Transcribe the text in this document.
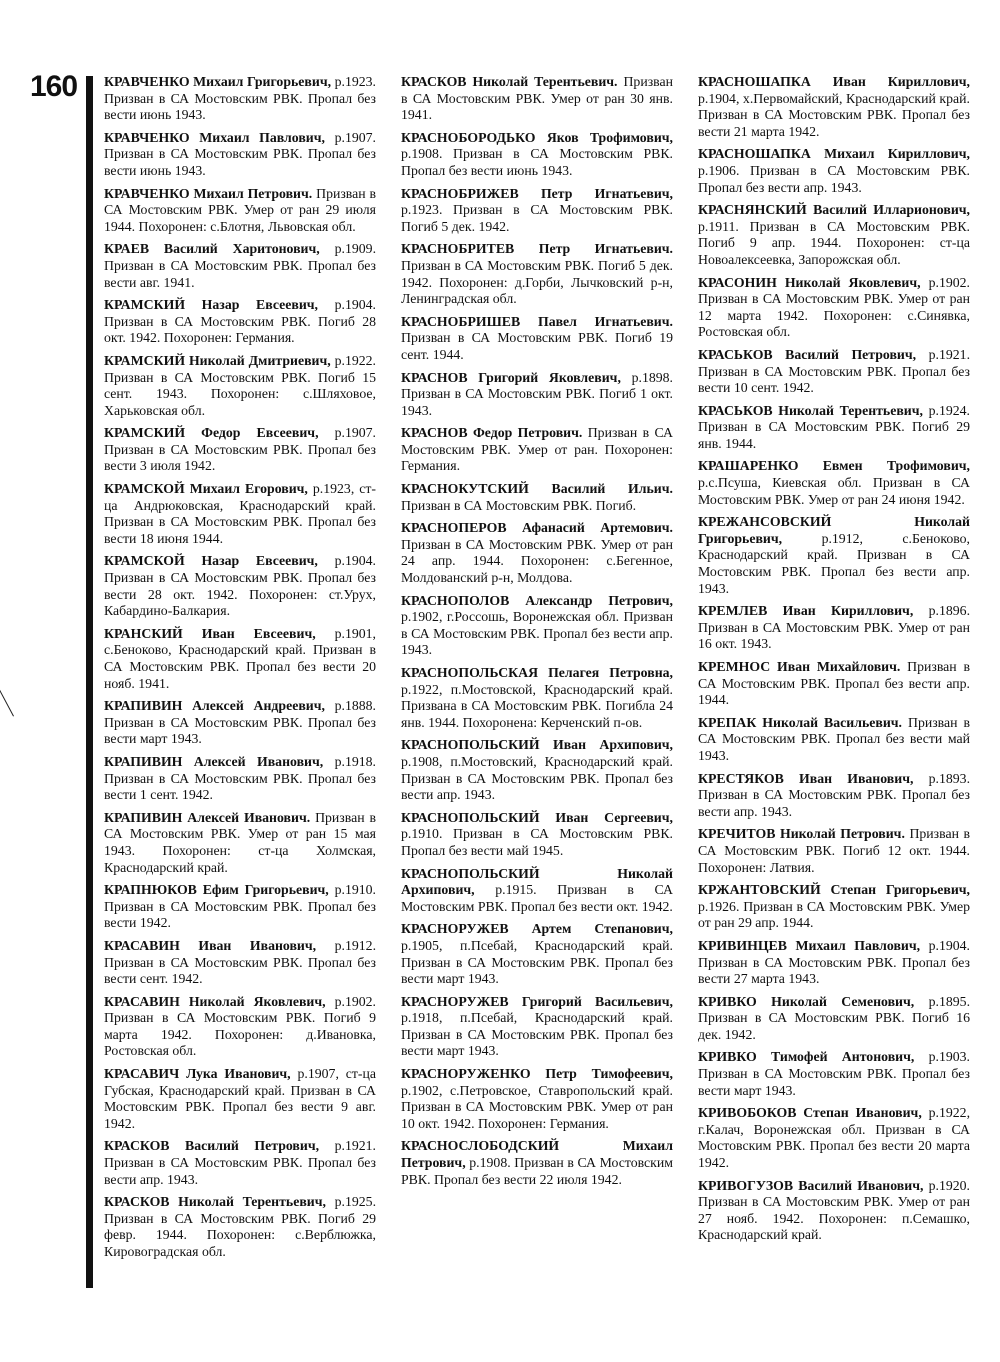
160 КРАВЧЕНКО Михаил Григорьевич, р.1923. Призван в СА Мостовским РВК. Пропал без вести июнь 1943.

КРАВЧЕНКО Михаил Павлович, р.1907. Призван в СА Мостовским РВК. Пропал без вести июнь 1943.

КРАВЧЕНКО Михаил Петрович. Призван в СА Мостовским РВК. Умер от ран 29 июля 1944. Похоронен: с.Блотня, Львовская обл.

КРАЕВ Василий Харитонович, р.1909. Призван в СА Мостовским РВК. Пропал без вести авг. 1941.

КРАМСКИЙ Назар Евсеевич, р.1904. Призван в СА Мостовским РВК. Погиб 28 окт. 1942. Похоронен: Германия.

КРАМСКИЙ Николай Дмитриевич, р.1922. Призван в СА Мостовским РВК. Погиб 15 сент. 1943. Похоронен: с.Шляховое, Харьковская обл.

КРАМСКИЙ Федор Евсеевич, р.1907. Призван в СА Мостовским РВК. Пропал без вести 3 июля 1942.

КРАМСКОЙ Михаил Егорович, р.1923, ст-ца Андрюковская, Краснодарский край. Призван в СА Мостовским РВК. Пропал без вести 18 июня 1944.

КРАМСКОЙ Назар Евсеевич, р.1904. Призван в СА Мостовским РВК. Пропал без вести 28 окт. 1942. Похоронен: ст.Урух, Кабардино-Балкария.

КРАНСКИЙ Иван Евсеевич, р.1901, с.Беноково, Краснодарский край. Призван в СА Мостовским РВК. Пропал без вести 20 нояб. 1941.

КРАПИВИН Алексей Андреевич, р.1888. Призван в СА Мостовским РВК. Пропал без вести март 1943.

КРАПИВИН Алексей Иванович, р.1918. Призван в СА Мостовским РВК. Пропал без вести 1 сент. 1942.

КРАПИВИН Алексей Иванович. Призван в СА Мостовским РВК. Умер от ран 15 мая 1943. Похоронен: ст-ца Холмская, Краснодарский край.

КРАПНЮКОВ Ефим Григорьевич, р.1910. Призван в СА Мостовским РВК. Пропал без вести 1942.

КРАСАВИН Иван Иванович, р.1912. Призван в СА Мостовским РВК. Пропал без вести сент. 1942.

КРАСАВИН Николай Яковлевич, р.1902. Призван в СА Мостовским РВК. Погиб 9 марта 1942. Похоронен: д.Ивановка, Ростовская обл.

КРАСАВИЧ Лука Иванович, р.1907, ст-ца Губская, Краснодарский край. Призван в СА Мостовским РВК. Пропал без вести 9 авг. 1942.

КРАСКОВ Василий Петрович, р.1921. Призван в СА Мостовским РВК. Пропал без вести апр. 1943.

КРАСКОВ Николай Терентьевич, р.1925. Призван в СА Мостовским РВК. Погиб 29 февр. 1944. Похоронен: с.Верблюжка, Кировоградская обл.

КРАСКОВ Николай Терентьевич. Призван в СА Мостовским РВК. Умер от ран 30 янв. 1941.

КРАСНОБОРОДЬКО Яков Трофимович,р.1908. Призван в СА Мостовским РВК. Пропал без вести июнь 1943.

КРАСНОБРИЖЕВ Петр Игнатьевич,р.1923. Призван в СА Мостовским РВК. Погиб 5 дек. 1942.

КРАСНОБРИТЕВ Петр Игнатьевич.Призван в СА Мостовским РВК. Погиб 5 дек. 1942. Похоронен: д.Горби, Лычковский р-н, Ленинградская обл.

КРАСНОБРИШЕВ Павел Игнатьевич.Призван в СА Мостовским РВК. Погиб 19 сент. 1944.

КРАСНОВ Григорий Яковлевич, р.1898. Призван в СА Мостовским РВК. Погиб 1 окт. 1943.

КРАСНОВ Федор Петрович. Призван в СА Мостовским РВК. Умер от ран. Похоронен: Германия.

КРАСНОКУТСКИЙ Василий Ильич.Призван в СА Мостовским РВК. Погиб.

КРАСНОПЕРОВ Афанасий Артемович.Призван в СА Мостовским РВК. Умер от ран 24 апр. 1944. Похоронен: с.Бегенное, Молдованский р-н, Молдова.

КРАСНОПОЛОВ Александр Петрович,р.1902, г.Россошь, Воронежская обл. Призван в СА Мостовским РВК. Пропал без вести апр. 1943.

КРАСНОПОЛЬСКАЯ Пелагея Петровна,р.1922, п.Мостовской, Краснодарский край. Призвана в СА Мостовским РВК. Погибла 24 янв. 1944. Похоронена: Керченский п-ов.

КРАСНОПОЛЬСКИЙ Иван Архипович,р.1908, п.Мостовский, Краснодарский край. Призван в СА Мостовским РВК. Пропал без вести апр. 1943.

КРАСНОПОЛЬСКИЙ Иван Сергеевич,р.1910. Призван в СА Мостовским РВК. Пропал без вести май 1945.

КРАСНОПОЛЬСКИЙ Николай Архипович, р.1915. Призван в СА Мостовским РВК. Пропал без вести окт. 1942.

КРАСНОРУЖЕВ Артем Степанович,р.1905, п.Псебай, Краснодарский край. Призван в СА Мостовским РВК. Пропал без вести март 1943.

КРАСНОРУЖЕВ Григорий Васильевич,р.1918, п.Псебай, Краснодарский край. Призван в СА Мостовским РВК. Пропал без вести март 1943.

КРАСНОРУЖЕНКО Петр Тимофеевич,р.1902, с.Петровское, Ставропольский край. Призван в СА Мостовским РВК. Умер от ран 10 окт. 1942. Похоронен: Германия.

КРАСНОСЛОБОДСКИЙ Михаил Петрович, р.1908. Призван в СА Мостовским РВК. Пропал без вести 22 июля 1942.

КРАСНОШАПКА Иван Кириллович,р.1904, х.Первомайский, Краснодарский край. Призван в СА Мостовским РВК. Пропал без вести 21 марта 1942.

КРАСНОШАПКА Михаил Кириллович,р.1906. Призван в СА Мостовским РВК. Пропал без вести апр. 1943.

КРАСНЯНСКИЙ Василий Илларионович,р.1911. Призван в СА Мостовским РВК. Погиб 9 апр. 1944. Похоронен: ст-ца Новоалексеевка, Запорожская обл.

КРАСОНИН Николай Яковлевич, р.1902. Призван в СА Мостовским РВК. Умер от ран 12 марта 1942. Похоронен: с.Синявка, Ростовская обл.

КРАСЬКОВ Василий Петрович, р.1921. Призван в СА Мостовским РВК. Пропал без вести 10 сент. 1942.

КРАСЬКОВ Николай Терентьевич, р.1924. Призван в СА Мостовским РВК. Погиб 29 янв. 1944.

КРАШАРЕНКО Евмен Трофимович,р.с.Псуша, Киевская обл. Призван в СА Мостовским РВК. Умер от ран 24 июня 1942.

КРЕЖАНСОВСКИЙ Николай Григорьевич,	р.1912, с.Беноково, Краснодарский край. Призван в СА Мостовским РВК. Пропал без вести апр. 1943.

КРЕМЛЕВ Иван Кириллович, р.1896. Призван в СА Мостовским РВК. Умер от ран 16 окт. 1943.

КРЕМНОС Иван Михайлович. Призван в СА Мостовским РВК. Пропал без вести апр. 1944.

КРЕПАК Николай Васильевич. Призван в СА Мостовским РВК. Пропал без вести май 1943.

КРЕСТЯКОВ Иван Иванович, р.1893. Призван в СА Мостовским РВК. Пропал без вести апр. 1943.

КРЕЧИТОВ Николай Петрович. Призван в СА Мостовским РВК. Погиб 12 окт. 1944. Похоронен: Латвия.

КРЖАНТОВСКИЙ Степан Григорьевич,р.1926. Призван в СА Мостовским РВК. Умер от ран 29 апр. 1944.

КРИВИНЦЕВ Михаил Павлович, р.1904. Призван в СА Мостовским РВК. Пропал без вести 27 марта 1943.

КРИВКО Николай Семенович, р.1895. Призван в СА Мостовским РВК. Погиб 16 дек. 1942.

КРИВКО Тимофей Антонович, р.1903. Призван в СА Мостовским РВК. Пропал без вести март 1943.

КРИВОБОКОВ Степан Иванович, р.1922, г.Калач, Воронежская обл. Призван в СА Мостовским РВК. Пропал без вести 20 марта 1942.

КРИВОГУЗОВ Василий Иванович, р.1920. Призван в СА Мостовским РВК. Умер от ран 27 нояб. 1942. Похоронен: п.Семашко, Краснодарский край.
